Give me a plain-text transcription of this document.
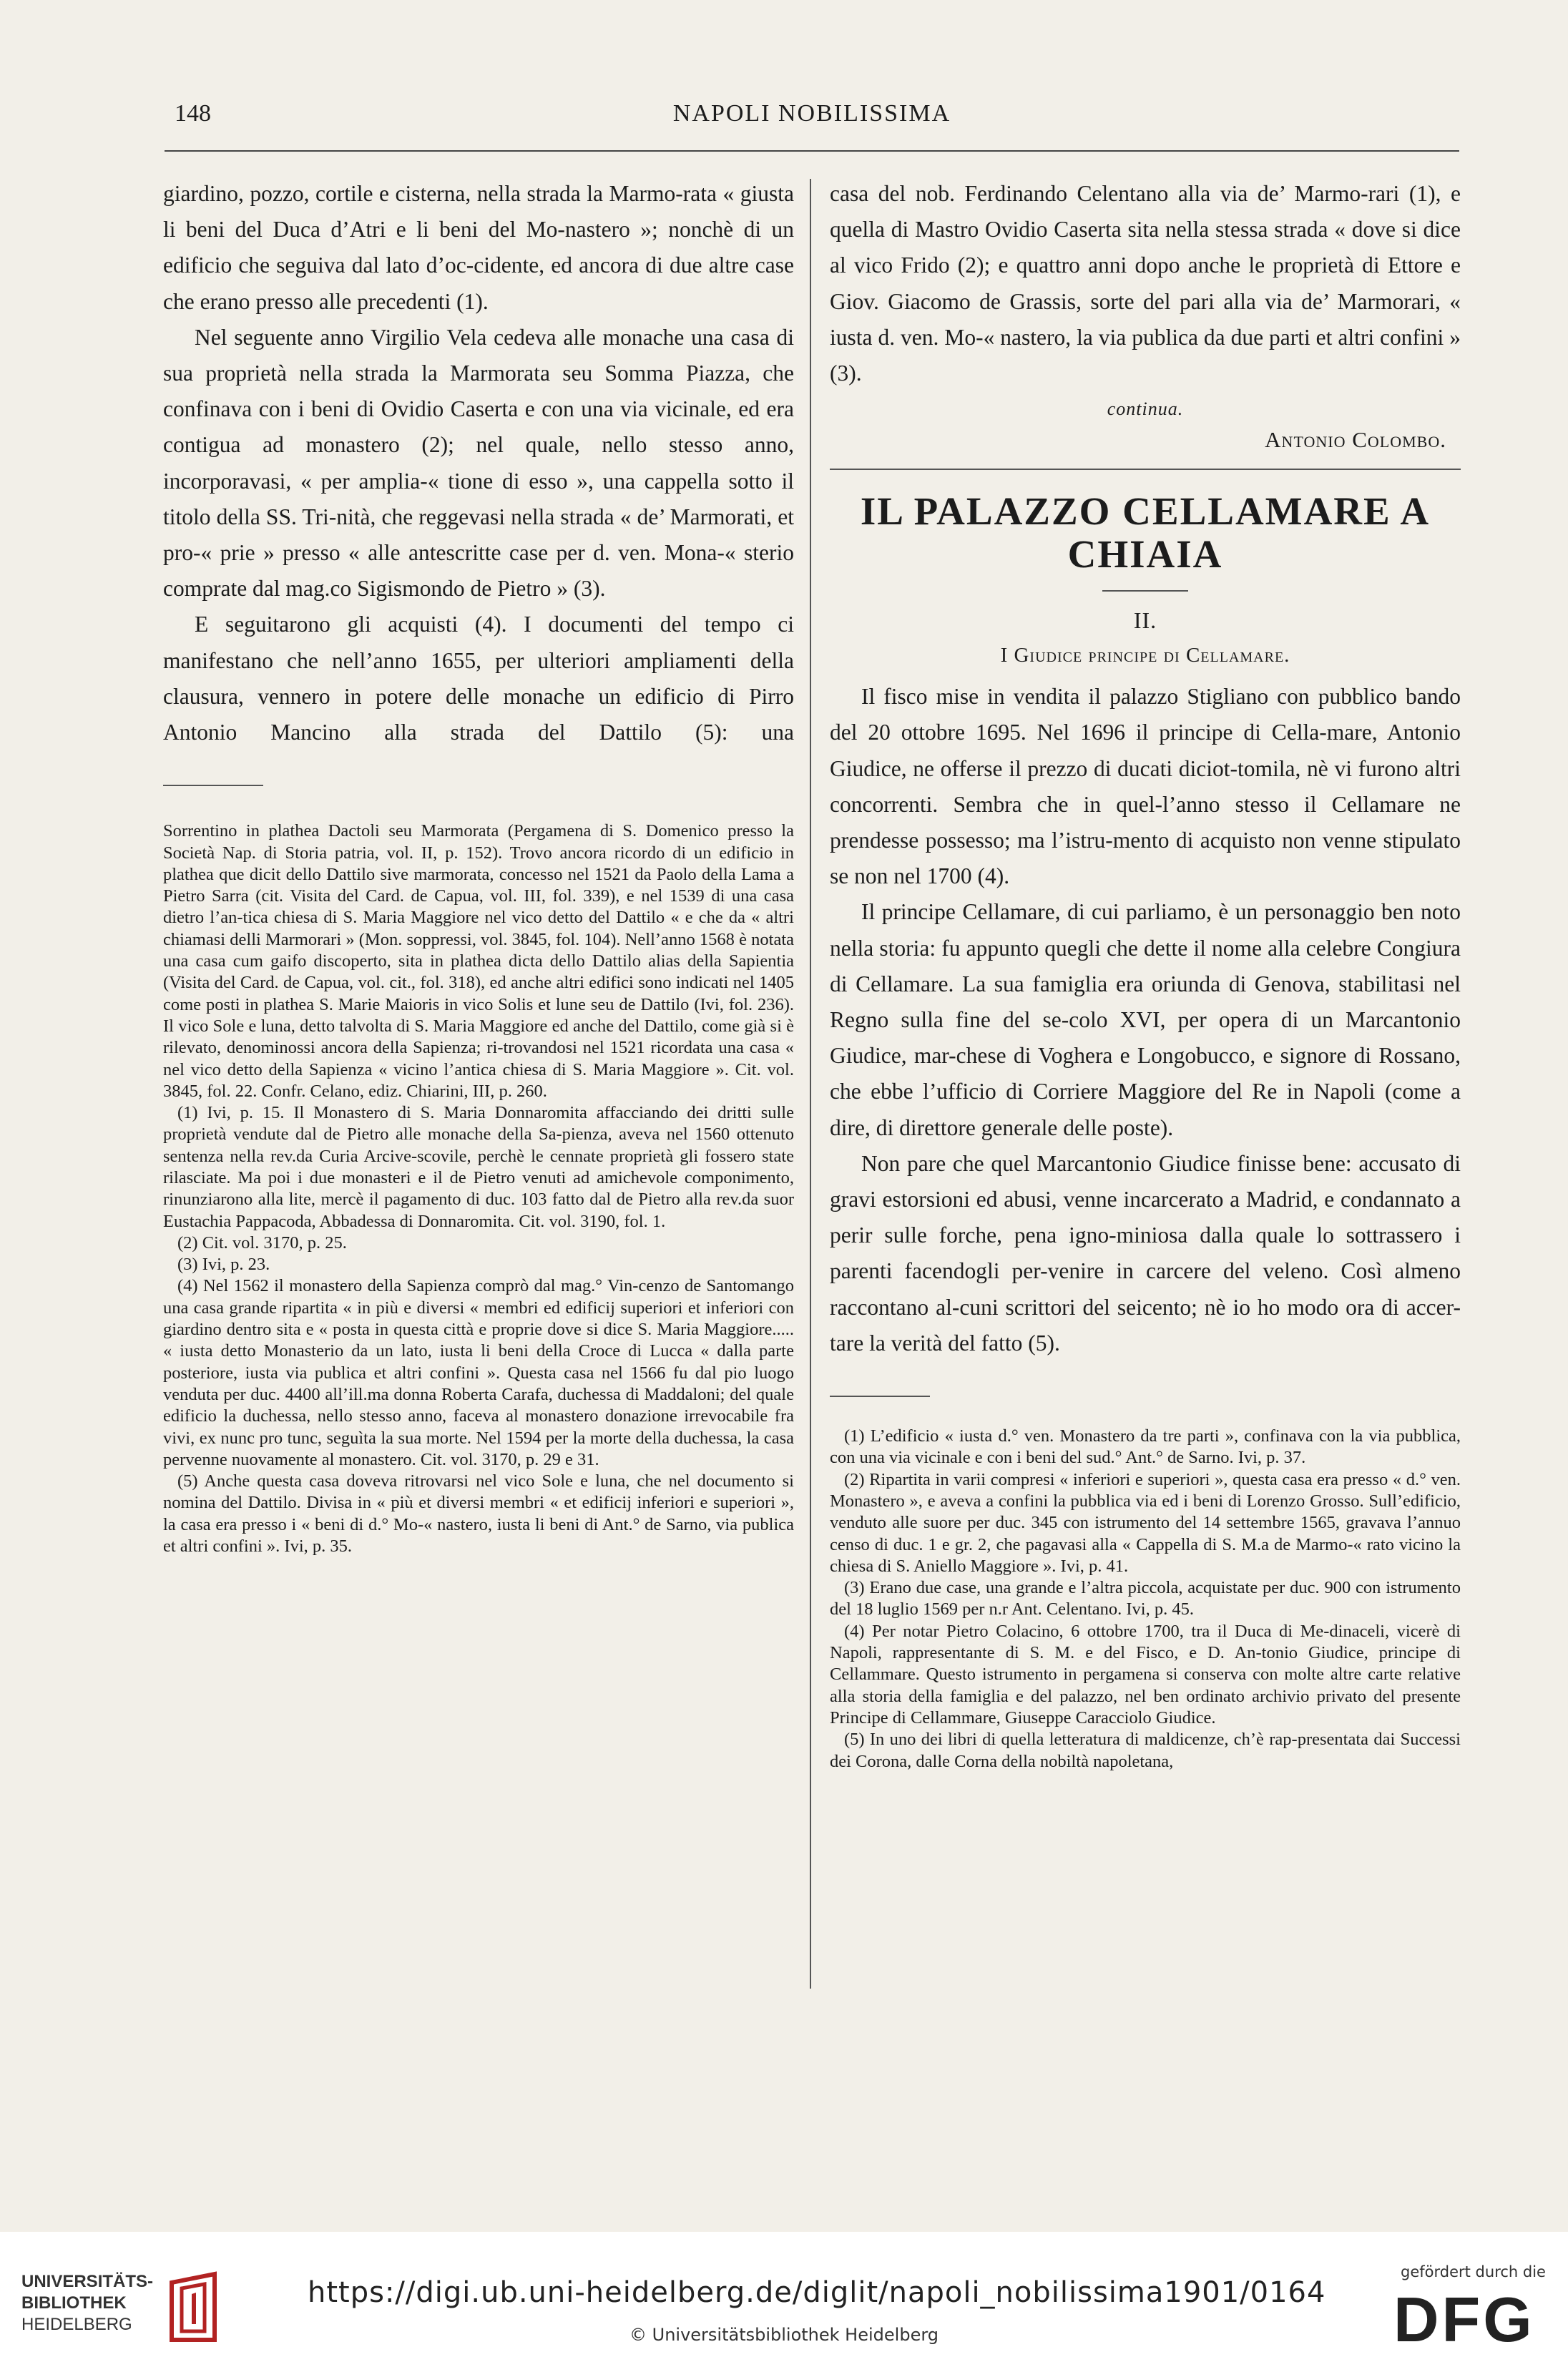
148	NAPOLI NOBILISSIMA

giardino, pozzo, cortile e cisterna, nella strada la Marmo-rata « giusta li beni del Duca d’Atri e li beni del Mo-nastero »; nonchè di un edificio che seguiva dal lato d’oc-cidente, ed ancora di due altre case che erano presso alle precedenti (1).

Nel seguente anno Virgilio Vela cedeva alle monache una casa di sua proprietà nella strada la Marmorata seu Somma Piazza, che confinava con i beni di Ovidio Caserta e con una via vicinale, ed era contigua ad monastero (2); nel quale, nello stesso anno, incorporavasi, « per amplia-« tione di esso », una cappella sotto il titolo della SS. Tri-nità, che reggevasi nella strada « de’ Marmorati, et pro-« prie » presso « alle antescritte case per d. ven. Mona-« sterio comprate dal mag.co Sigismondo de Pietro » (3).

E seguitarono gli acquisti (4). I documenti del tempo ci manifestano che nell’anno 1655, per ulteriori ampliamenti della clausura, vennero in potere delle monache un edificio di Pirro Antonio Mancino alla strada del Dattilo (5): una

Sorrentino in plathea Dactoli seu Marmorata (Pergamena di S. Domenico presso la Società Nap. di Storia patria, vol. II, p. 152). Trovo ancora ricordo di un edificio in plathea que dicit dello Dattilo sive marmorata, concesso nel 1521 da Paolo della Lama a Pietro Sarra (cit. Visita del Card. de Capua, vol. III, fol. 339), e nel 1539 di una casa dietro l’an-tica chiesa di S. Maria Maggiore nel vico detto del Dattilo « e che da « altri chiamasi delli Marmorari » (Mon. soppressi, vol. 3845, fol. 104). Nell’anno 1568 è notata una casa cum gaifo discoperto, sita in plathea dicta dello Dattilo alias della Sapientia (Visita del Card. de Capua, vol. cit., fol. 318), ed anche altri edifici sono indicati nel 1405 come posti in plathea S. Marie Maioris in vico Solis et lune seu de Dattilo (Ivi, fol. 236). Il vico Sole e luna, detto talvolta di S. Maria Maggiore ed anche del Dattilo, come già si è rilevato, denominossi ancora della Sapienza; ri-trovandosi nel 1521 ricordata una casa « nel vico detto della Sapienza « vicino l’antica chiesa di S. Maria Maggiore ». Cit. vol. 3845, fol. 22. Confr. Celano, ediz. Chiarini, III, p. 260.

(1) Ivi, p. 15. Il Monastero di S. Maria Donnaromita affacciando dei dritti sulle proprietà vendute dal de Pietro alle monache della Sa-pienza, aveva nel 1560 ottenuto sentenza nella rev.da Curia Arcive-scovile, perchè le cennate proprietà gli fossero state rilasciate. Ma poi i due monasteri e il de Pietro venuti ad amichevole componimento, rinunziarono alla lite, mercè il pagamento di duc. 103 fatto dal de Pietro alla rev.da suor Eustachia Pappacoda, Abbadessa di Donnaromita. Cit. vol. 3190, fol. 1.

(2) Cit. vol. 3170, p. 25.

(3) Ivi, p. 23.

(4) Nel 1562 il monastero della Sapienza comprò dal mag.° Vin-cenzo de Santomango una casa grande ripartita « in più e diversi « membri ed edificij superiori et inferiori con giardino dentro sita e « posta in questa città e proprie dove si dice S. Maria Maggiore..... « iusta detto Monasterio da un lato, iusta li beni della Croce di Lucca « dalla parte posteriore, iusta via publica et altri confini ». Questa casa nel 1566 fu dal pio luogo venduta per duc. 4400 all’ill.ma donna Roberta Carafa, duchessa di Maddaloni; del quale edificio la duchessa, nello stesso anno, faceva al monastero donazione irrevocabile fra vivi, ex nunc pro tunc, seguìta la sua morte. Nel 1594 per la morte della duchessa, la casa pervenne nuovamente al monastero. Cit. vol. 3170, p. 29 e 31.

(5) Anche questa casa doveva ritrovarsi nel vico Sole e luna, che nel documento si nomina del Dattilo. Divisa in « più et diversi membri « et edificij inferiori e superiori », la casa era presso i « beni di d.° Mo-« nastero, iusta li beni di Ant.° de Sarno, via publica et altri confini ». Ivi, p. 35.

casa del nob. Ferdinando Celentano alla via de’ Marmo-rari (1), e quella di Mastro Ovidio Caserta sita nella stessa strada « dove si dice al vico Frido (2); e quattro anni dopo anche le proprietà di Ettore e Giov. Giacomo de Grassis, sorte del pari alla via de’ Marmorari, « iusta d. ven. Mo-« nastero, la via publica da due parti et altri confini » (3).

continua.

Antonio Colombo.

IL PALAZZO CELLAMARE A CHIAIA
II.
I Giudice principe di Cellamare.

Il fisco mise in vendita il palazzo Stigliano con pubblico bando del 20 ottobre 1695. Nel 1696 il principe di Cella-mare, Antonio Giudice, ne offerse il prezzo di ducati diciot-tomila, nè vi furono altri concorrenti. Sembra che in quel-l’anno stesso il Cellamare ne prendesse possesso; ma l’istru-mento di acquisto non venne stipulato se non nel 1700 (4).

Il principe Cellamare, di cui parliamo, è un personaggio ben noto nella storia: fu appunto quegli che dette il nome alla celebre Congiura di Cellamare. La sua famiglia era oriunda di Genova, stabilitasi nel Regno sulla fine del se-colo XVI, per opera di un Marcantonio Giudice, mar-chese di Voghera e Longobucco, e signore di Rossano, che ebbe l’ufficio di Corriere Maggiore del Re in Napoli (come a dire, di direttore generale delle poste).

Non pare che quel Marcantonio Giudice finisse bene: accusato di gravi estorsioni ed abusi, venne incarcerato a Madrid, e condannato a perir sulle forche, pena igno-miniosa dalla quale lo sottrassero i parenti facendogli per-venire in carcere del veleno. Così almeno raccontano al-cuni scrittori del seicento; nè io ho modo ora di accer-tare la verità del fatto (5).

(1) L’edificio « iusta d.° ven. Monastero da tre parti », confinava con la via pubblica, con una via vicinale e con i beni del sud.° Ant.° de Sarno. Ivi, p. 37.

(2) Ripartita in varii compresi « inferiori e superiori », questa casa era presso « d.° ven. Monastero », e aveva a confini la pubblica via ed i beni di Lorenzo Grosso. Sull’edificio, venduto alle suore per duc. 345 con istrumento del 14 settembre 1565, gravava l’annuo censo di duc. 1 e gr. 2, che pagavasi alla « Cappella di S. M.a de Marmo-« rato vicino la chiesa di S. Aniello Maggiore ». Ivi, p. 41.

(3) Erano due case, una grande e l’altra piccola, acquistate per duc. 900 con istrumento del 18 luglio 1569 per n.r Ant. Celentano. Ivi, p. 45.

(4) Per notar Pietro Colacino, 6 ottobre 1700, tra il Duca di Me-dinaceli, vicerè di Napoli, rappresentante di S. M. e del Fisco, e D. An-tonio Giudice, principe di Cellammare. Questo istrumento in pergamena si conserva con molte altre carte relative alla storia della famiglia e del palazzo, nel ben ordinato archivio privato del presente Principe di Cellammare, Giuseppe Caracciolo Giudice.

(5) In uno dei libri di quella letteratura di maldicenze, ch’è rap-presentata dai Successi dei Corona, dalle Corna della nobiltà napoletana,

UNIVERSITÄTS-
BIBLIOTHEK
HEIDELBERG
https://digi.ub.uni-heidelberg.de/diglit/napoli_nobilissima1901/0164
© Universitätsbibliothek Heidelberg
gefördert durch die
DFG
